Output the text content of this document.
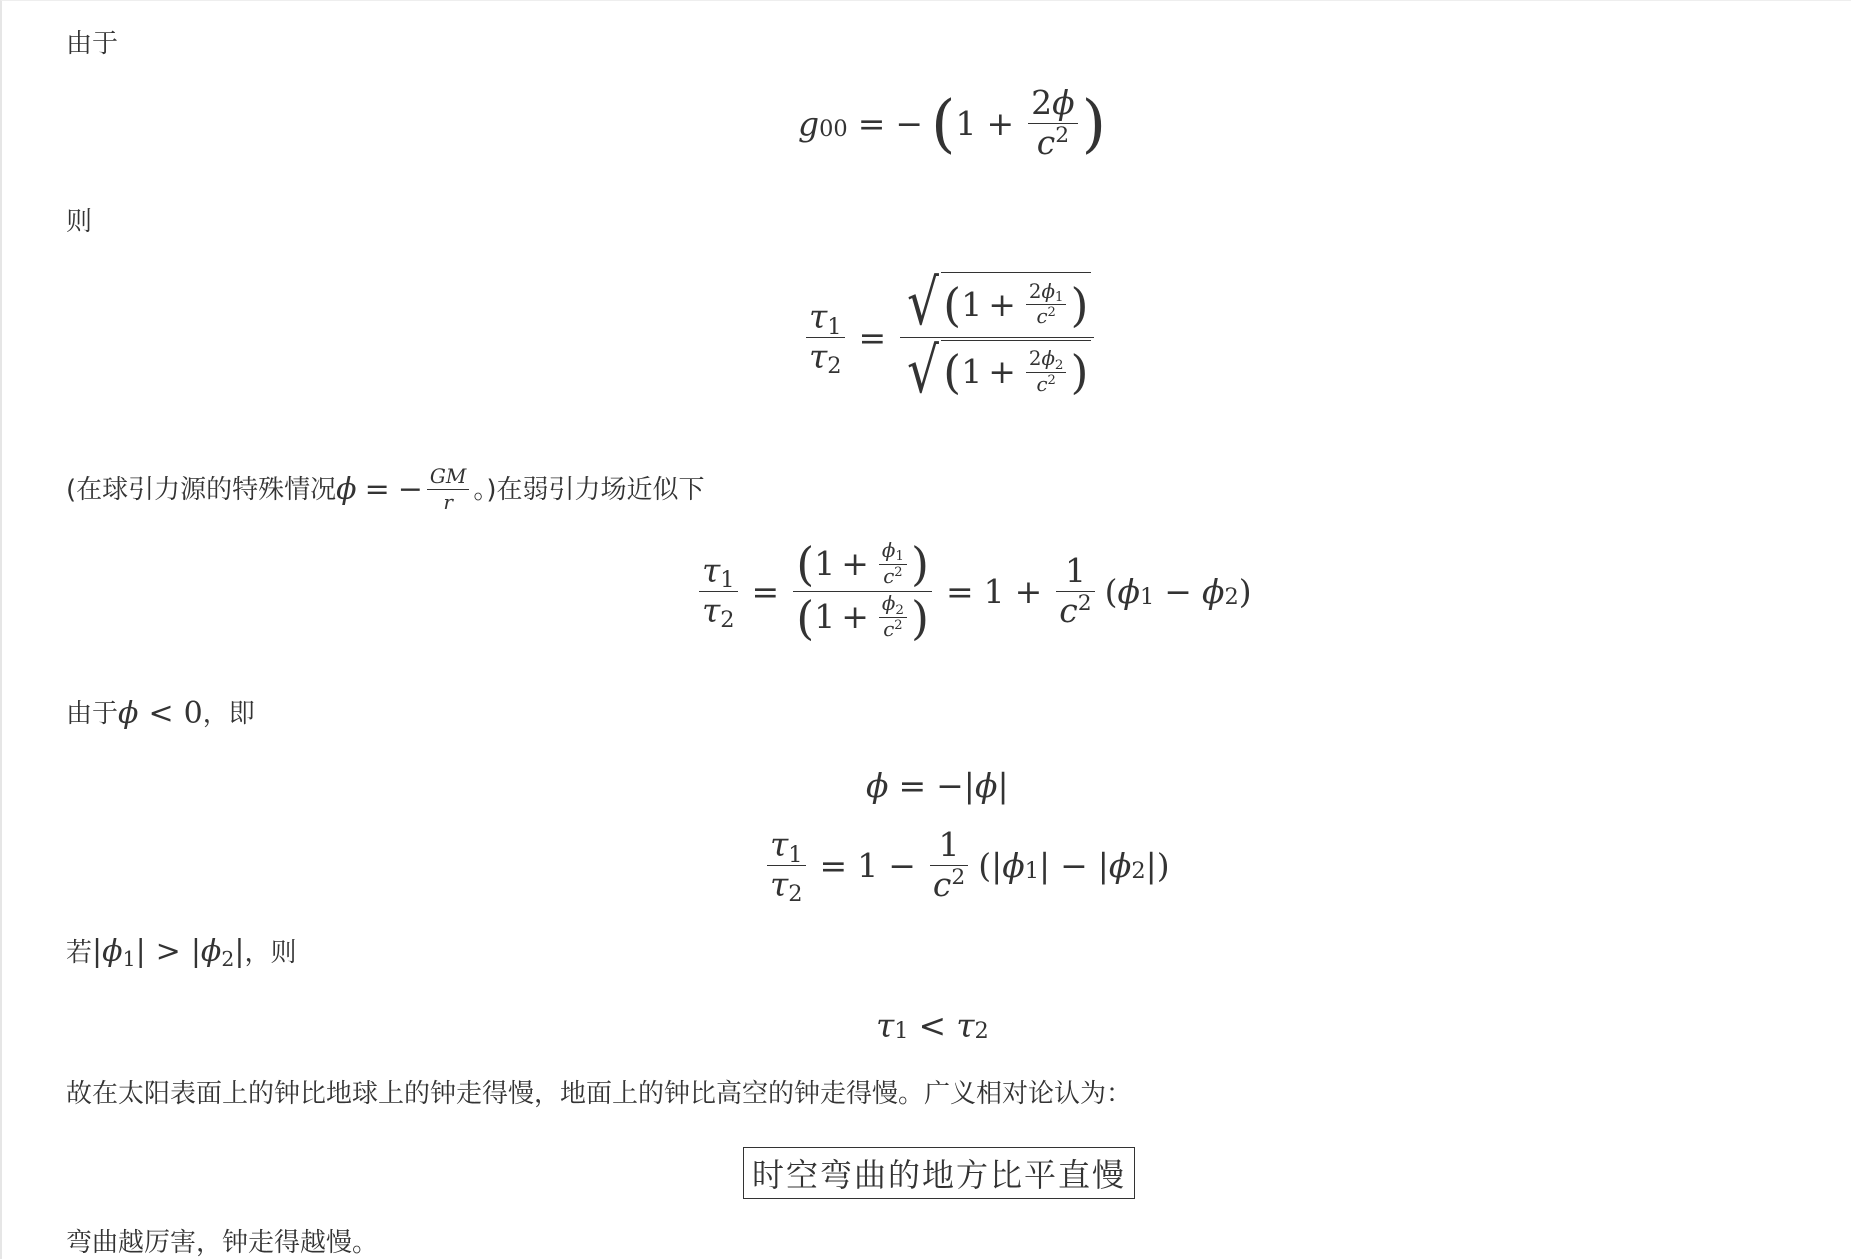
由于
g 00 = − ( $1 + \frac{2\phi}{c^2}$ )
则
$\frac{\tau 1}{\tau 2} = \frac{√ ( 1 + \frac{2\phi 1}{c^2} )}{√ ( 1 + \frac{2\phi 2}{c^2} )}$
(在球引力源的特殊情况 ϕ = − $\frac{GM}{r}$ 。)在弱引力场近似下
$\frac{\tau 1}{\tau 2} = \frac{( 1 + \frac{\phi 1}{c^2} )}{( 1 + \frac{\phi 2}{c^2} )} = 1 + \frac{1}{c^2}$ ( ϕ 1 − ϕ 2 )
由于 ϕ < 0 ，即
ϕ = −| ϕ |
$\frac{\tau 1}{\tau 2} = 1 - \frac{1}{c^2}$ (| ϕ 1 | − | ϕ 2 |)
若 |ϕ1| > |ϕ2| ，则
τ 1 < τ 2
故在太阳表面上的钟比地球上的钟走得慢，地面上的钟比高空的钟走得慢。广义相对论认为：
时空弯曲的地方比平直慢
弯曲越厉害，钟走得越慢。
